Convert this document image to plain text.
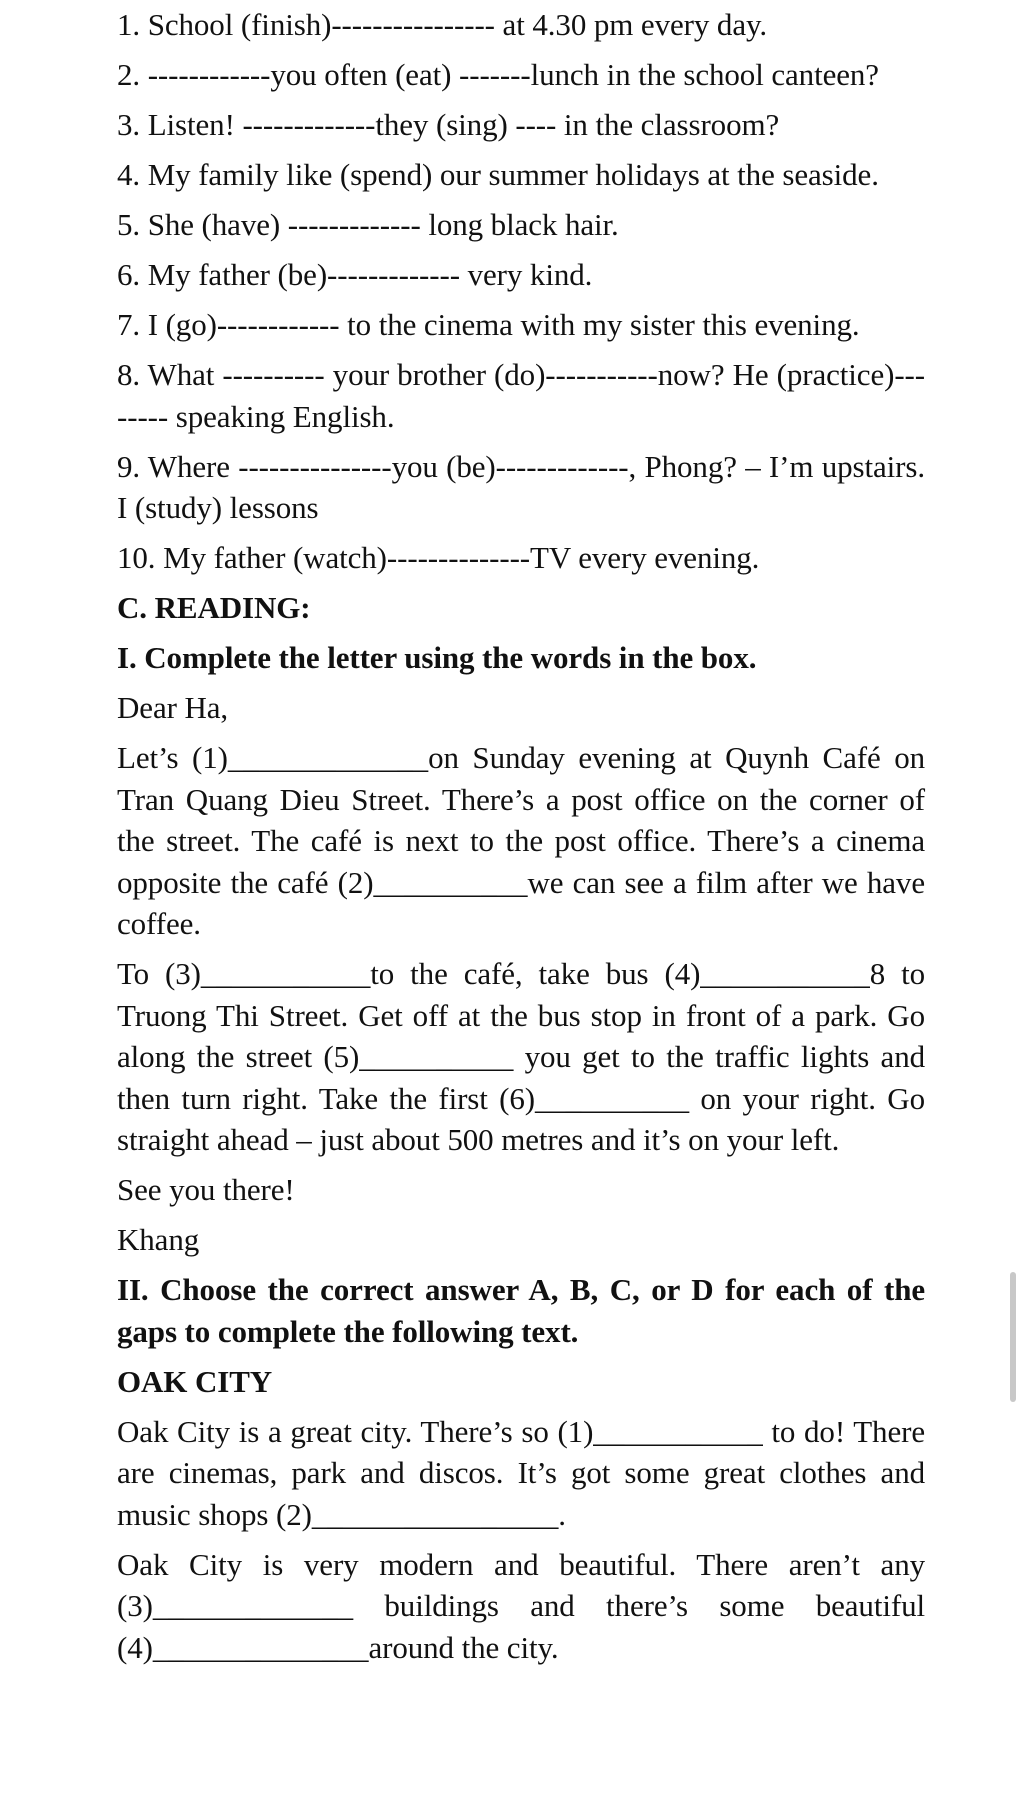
1. School (finish)---------------- at 4.30 pm every day.

2. ------------you often (eat) -------lunch in the school canteen?

3. Listen! -------------they (sing) ---- in the classroom?

4. My family like (spend) our summer holidays at the seaside.

5. She (have) ------------- long black hair.

6. My father (be)------------- very kind.

7. I (go)------------ to the cinema with my sister this evening.

8. What ---------- your brother (do)-----------now? He (practice)-------- speaking English.

9. Where ---------------you (be)-------------, Phong? – I’m upstairs. I (study) lessons

10. My father (watch)--------------TV every evening.

C. READING:

I. Complete the letter using the words in the box.

Dear Ha,

Let’s (1)_____________on Sunday evening at Quynh Café on Tran Quang Dieu Street. There’s a post office on the corner of the street. The café is next to the post office. There’s a cinema opposite the café (2)__________we can see a film after we have coffee.

To (3)___________to the café, take bus (4)___________8 to Truong Thi Street. Get off at the bus stop in front of a park. Go along the street (5)__________ you get to the traffic lights and then turn right. Take the first (6)__________ on your right. Go straight ahead – just about 500 metres and it’s on your left.

See you there!

Khang

II. Choose the correct answer A, B, C, or D for each of the gaps to complete the following text.

OAK CITY

Oak City is a great city. There’s so (1)___________ to do! There are cinemas, park and discos. It’s got some great clothes and music shops (2)________________.

Oak City is very modern and beautiful. There aren’t any (3)_____________ buildings and there’s some beautiful (4)______________around the city.
